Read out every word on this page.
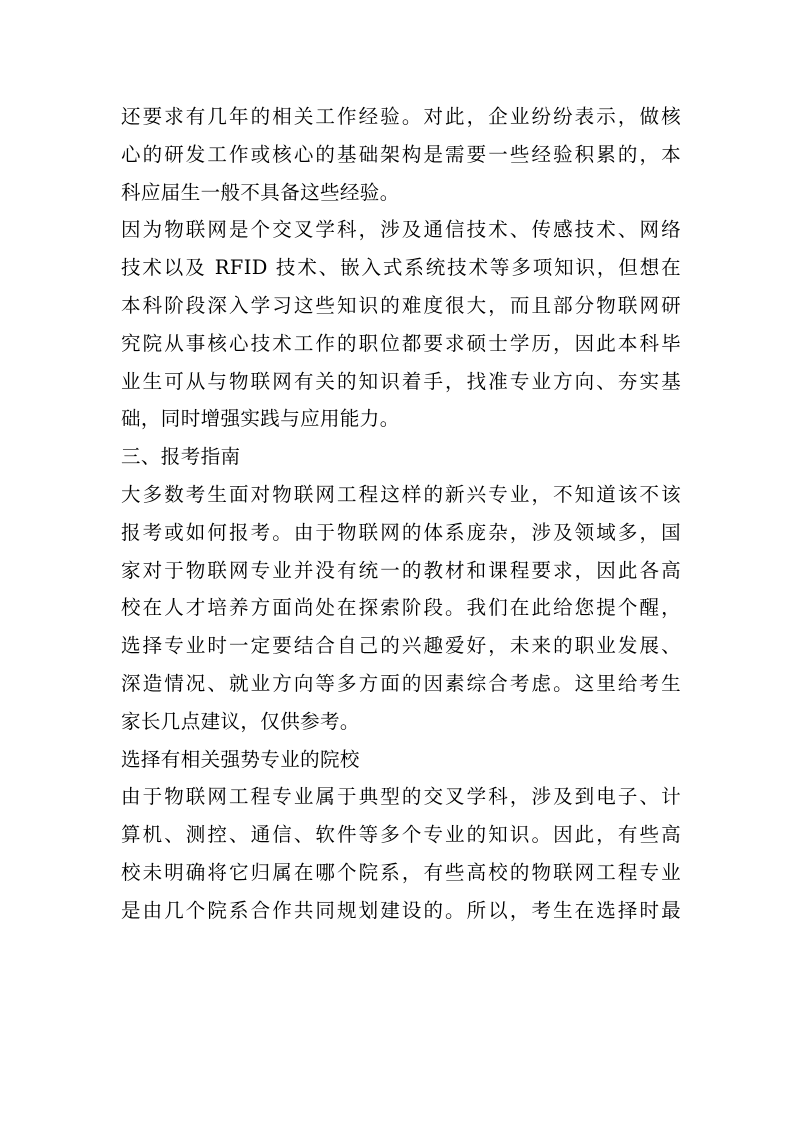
还要求有几年的相关工作经验。对此，企业纷纷表示，做核
心的研发工作或核心的基础架构是需要一些经验积累的，本
科应届生一般不具备这些经验。
因为物联网是个交叉学科，涉及通信技术、传感技术、网络
技术以及 RFID 技术、嵌入式系统技术等多项知识，但想在
本科阶段深入学习这些知识的难度很大，而且部分物联网研
究院从事核心技术工作的职位都要求硕士学历，因此本科毕
业生可从与物联网有关的知识着手，找准专业方向、夯实基
础，同时增强实践与应用能力。
三、报考指南
大多数考生面对物联网工程这样的新兴专业，不知道该不该
报考或如何报考。由于物联网的体系庞杂，涉及领域多，国
家对于物联网专业并没有统一的教材和课程要求，因此各高
校在人才培养方面尚处在探索阶段。我们在此给您提个醒，
选择专业时一定要结合自己的兴趣爱好，未来的职业发展、
深造情况、就业方向等多方面的因素综合考虑。这里给考生
家长几点建议，仅供参考。
选择有相关强势专业的院校
由于物联网工程专业属于典型的交叉学科，涉及到电子、计
算机、测控、通信、软件等多个专业的知识。因此，有些高
校未明确将它归属在哪个院系，有些高校的物联网工程专业
是由几个院系合作共同规划建设的。所以，考生在选择时最
